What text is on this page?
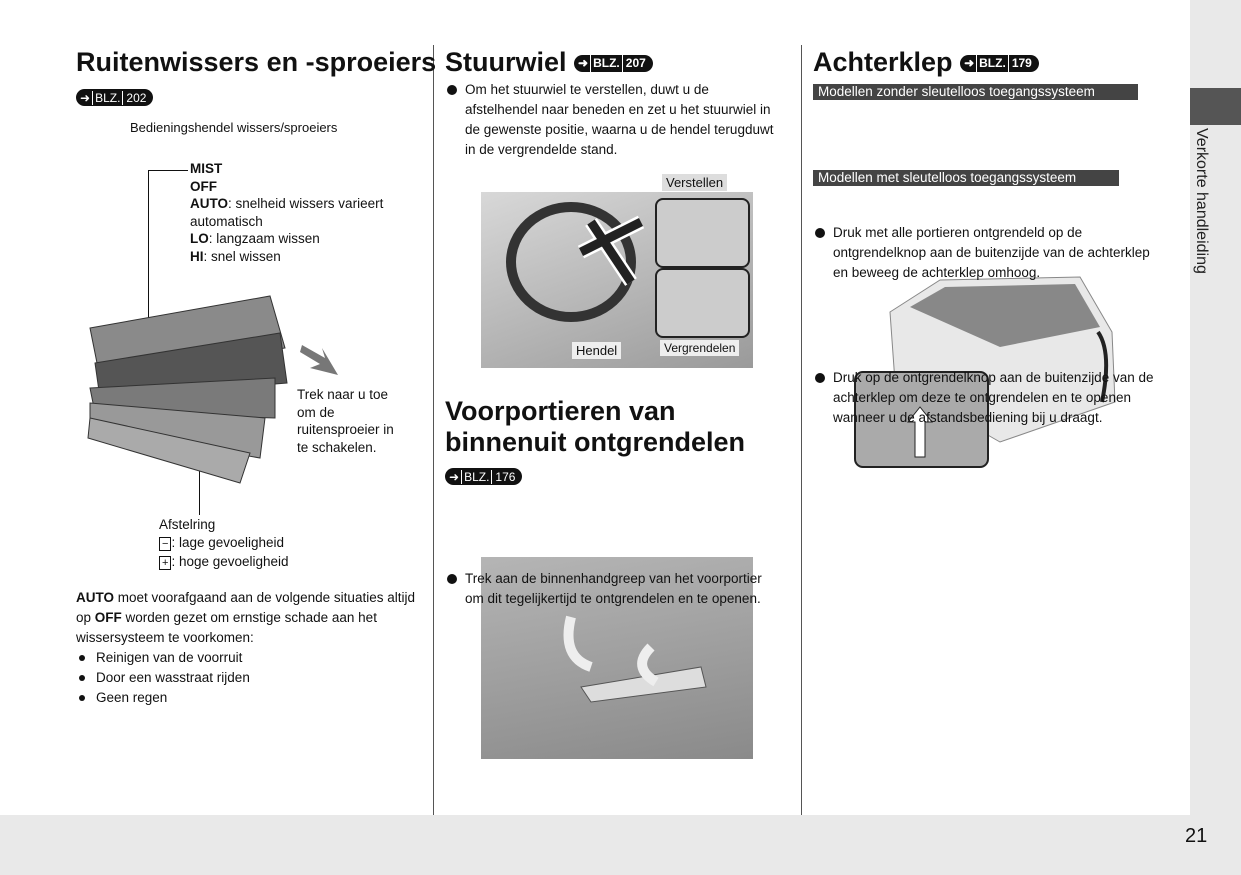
Verkorte handleiding
21
Ruitenwissers en -sproeiers
➜ BLZ. 202
Bedieningshendel wissers/sproeiers
MIST
OFF
AUTO: snelheid wissers varieert automatisch
LO: langzaam wissen
HI: snel wissen
Trek naar u toe om de ruitensproeier in te schakelen.
Afstelring
− : lage gevoeligheid
+ : hoge gevoeligheid
AUTO moet voorafgaand aan de volgende situaties altijd op OFF worden gezet om ernstige schade aan het wissersysteem te voorkomen:
Reinigen van de voorruit
Door een wasstraat rijden
Geen regen
Stuurwiel ➜ BLZ. 207
Om het stuurwiel te verstellen, duwt u de afstelhendel naar beneden en zet u het stuurwiel in de gewenste positie, waarna u de hendel terugduwt in de vergrendelde stand.
Verstellen
Hendel	Vergrendelen
Voorportieren van binnenuit ontgrendelen
➜ BLZ. 176
Trek aan de binnenhandgreep van het voorportier om dit tegelijkertijd te ontgrendelen en te openen.
Achterklep ➜ BLZ. 179
Modellen zonder sleutelloos toegangssysteem
Druk met alle portieren ontgrendeld op de ontgrendelknop aan de buitenzijde van de achterklep en beweeg de achterklep omhoog.
Modellen met sleutelloos toegangssysteem
Druk op de ontgrendelknop aan de buitenzijde van de achterklep om deze te ontgrendelen en te openen wanneer u de afstandsbediening bij u draagt.
